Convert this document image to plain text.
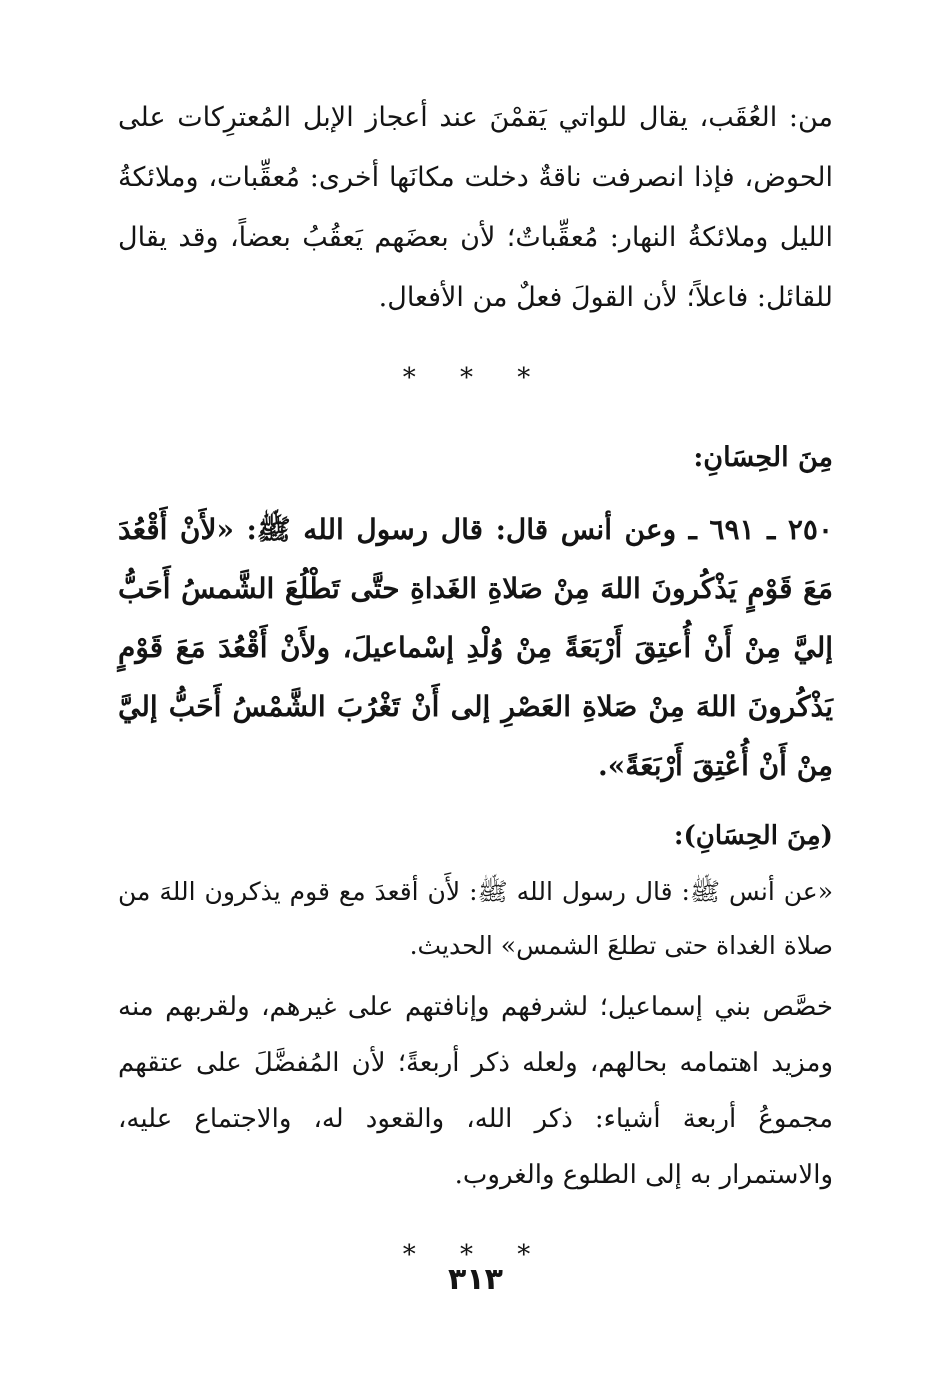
من: العُقَب، يقال للواتي يَقمْنَ عند أعجاز الإبل المُعترِكات على الحوض، فإذا انصرفت ناقةٌ دخلت مكانَها أخرى: مُعقِّبات، وملائكةُ الليل وملائكةُ النهار: مُعقِّباتٌ؛ لأن بعضَهم يَعقُبُ بعضاً، وقد يقال للقائل: فاعلاً؛ لأن القولَ فعلٌ من الأفعال.

* * *
مِنَ الحِسَانِ:

٢٥٠ ـ ٦٩١ ـ وعن أنس قال: قال رسول الله ﷺ: «لأَنْ أَقْعُدَ مَعَ قَوْمٍ يَذْكُرونَ اللهَ مِنْ صَلاةِ الغَداةِ حتَّى تَطْلُعَ الشَّمسُ أَحَبُّ إليَّ مِنْ أَنْ أُعتِقَ أَرْبَعَةً مِنْ وُلْدِ إسْماعيلَ، ولأَنْ أَقْعُدَ مَعَ قَوْمٍ يَذْكُرونَ اللهَ مِنْ صَلاةِ العَصْرِ إلى أَنْ تَغْرُبَ الشَّمْسُ أَحَبُّ إليَّ مِنْ أَنْ أُعْتِقَ أَرْبَعَةً».

(مِنَ الحِسَانِ):

«عن أنس ﷺ: قال رسول الله ﷺ: لأَن أقعدَ مع قوم يذكرون اللهَ من صلاة الغداة حتى تطلعَ الشمس» الحديث.

خصَّص بني إسماعيل؛ لشرفهم وإنافتهم على غيرهم، ولقربهم منه ومزيد اهتمامه بحالهم، ولعله ذكر أربعةً؛ لأن المُفضَّلَ على عتقهم مجموعُ أربعة أشياء: ذكر الله، والقعود له، والاجتماع عليه، والاستمرار به إلى الطلوع والغروب.

* * *
٣١٣
